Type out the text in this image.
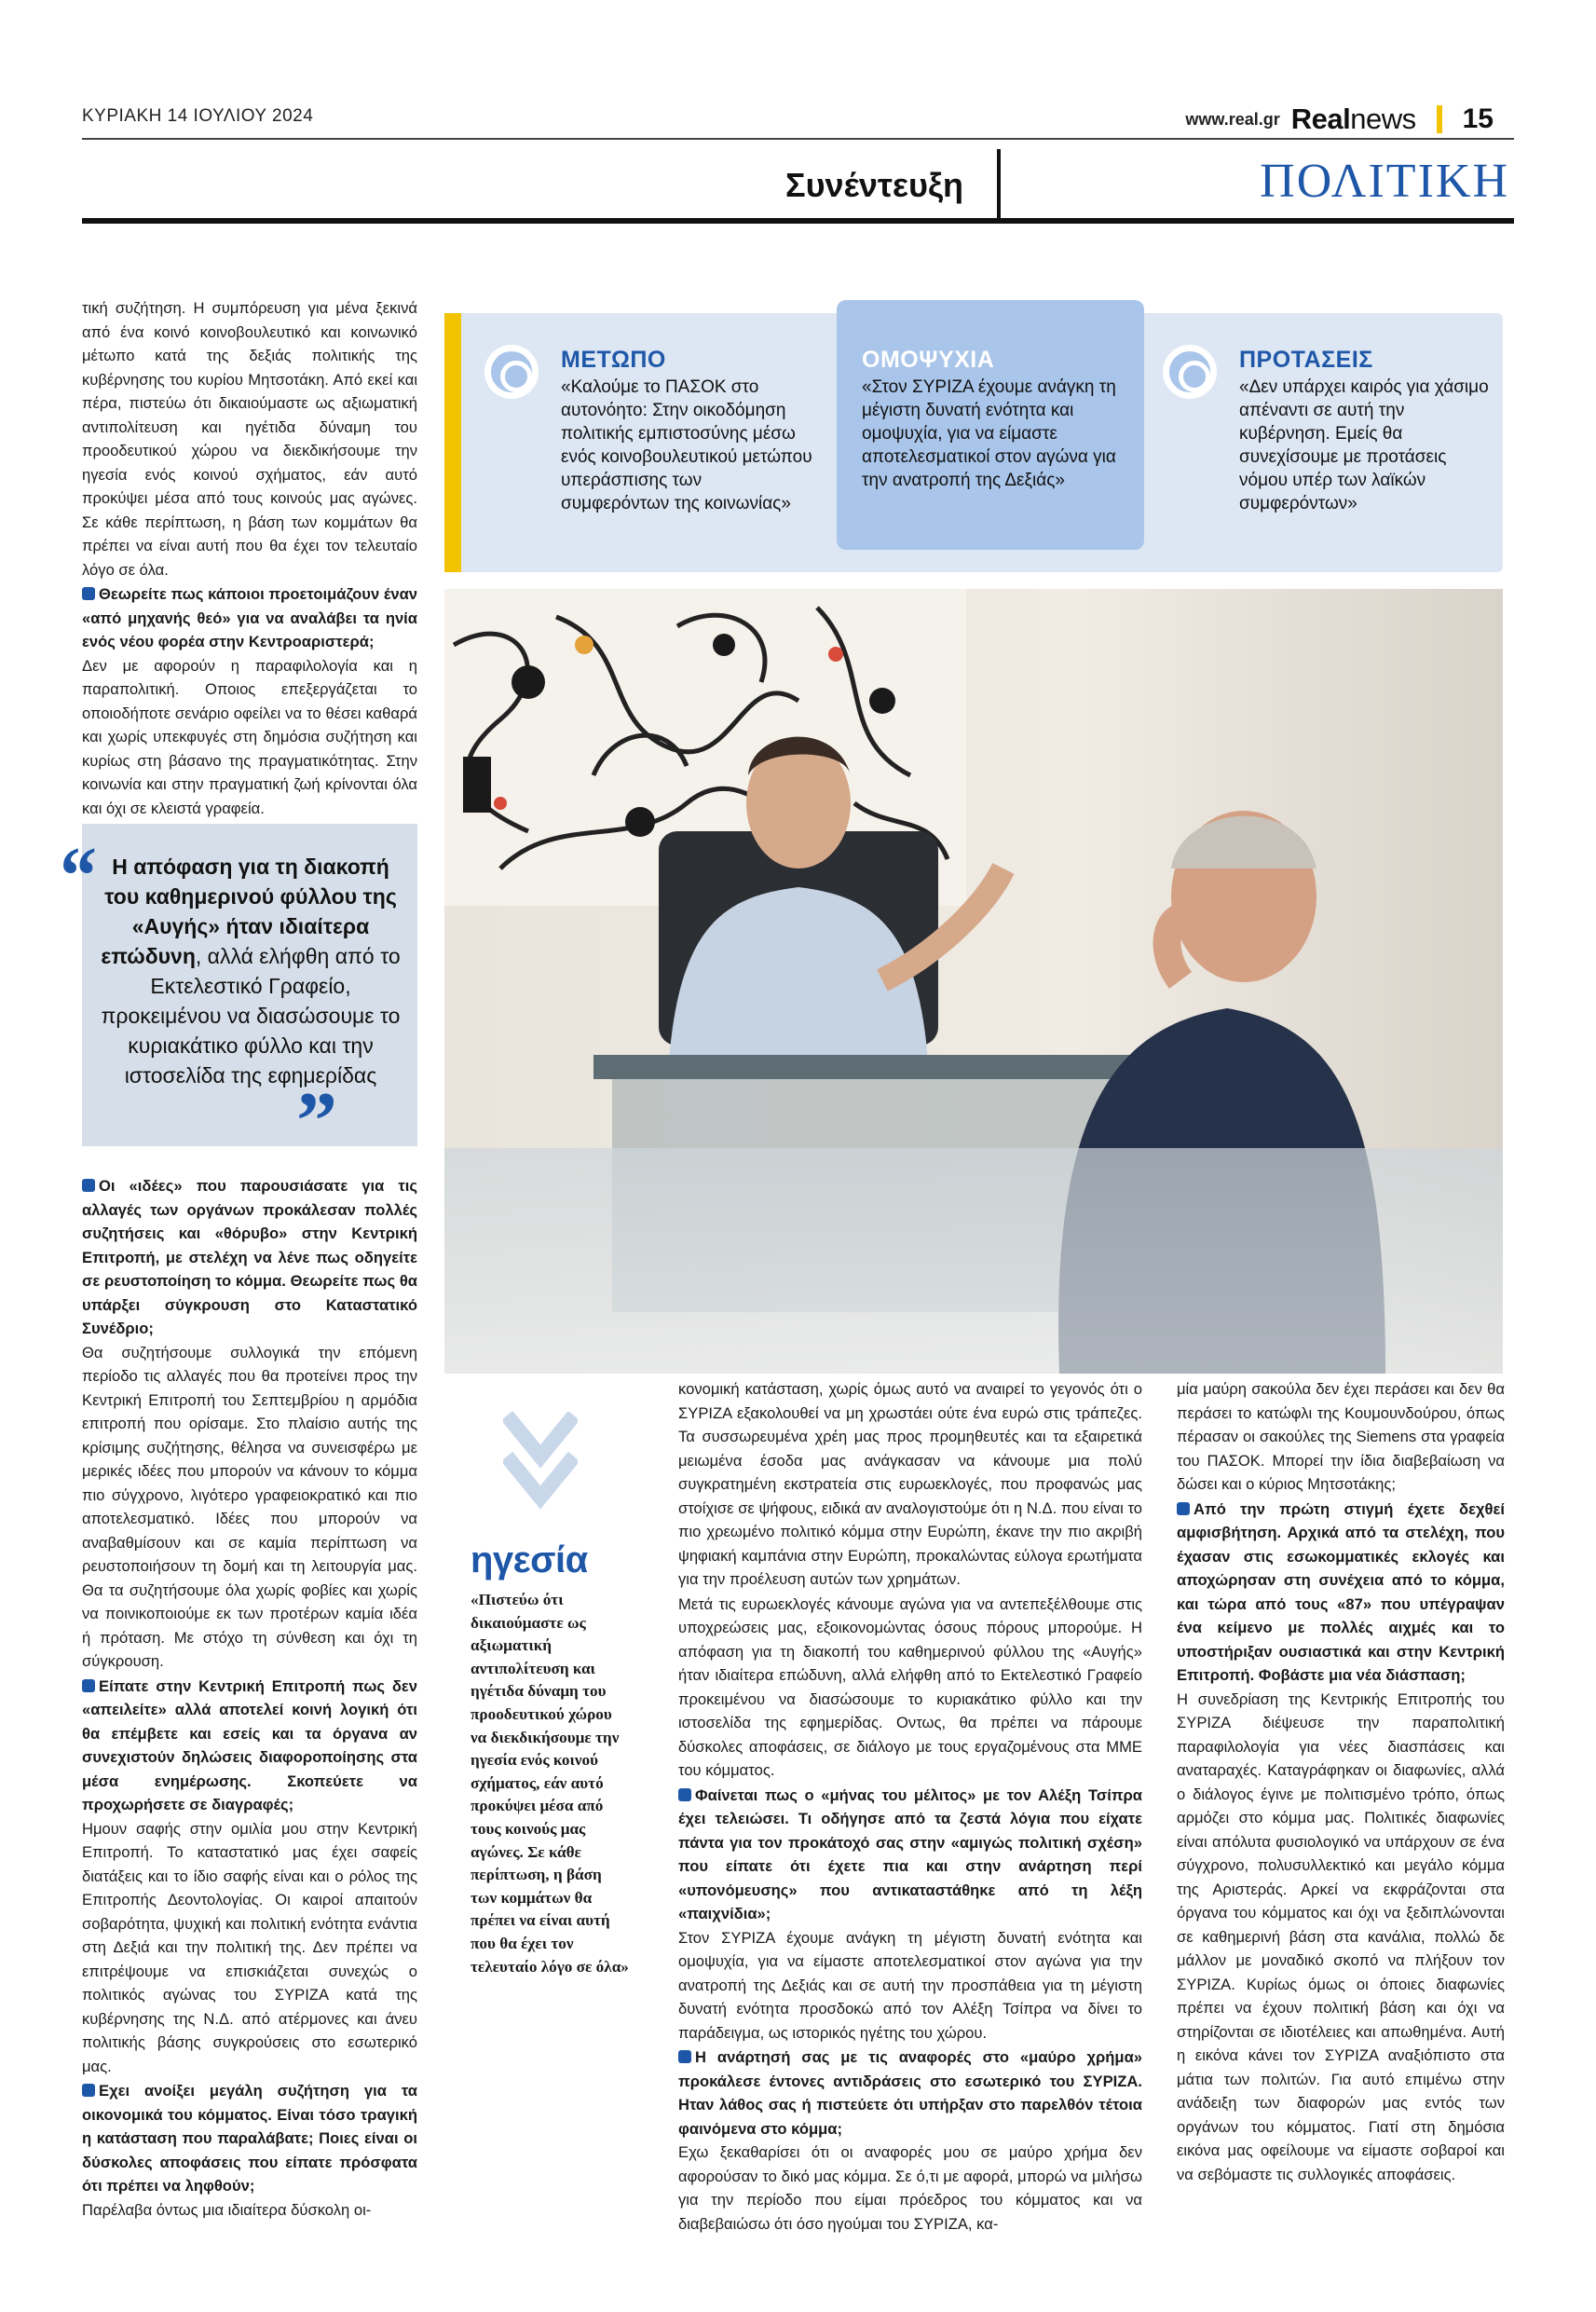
ΚΥΡΙΑΚΗ 14 ΙΟΥΛΙΟΥ 2024	www.real.gr Realnews 15
Συνέντευξη	ΠΟΛΙΤΙΚΗ

τική συζήτηση. Η συμπόρευση για μένα ξεκινά από ένα κοινό κοινοβουλευτικό και κοινωνικό μέτωπο κατά της δεξιάς πολιτικής της κυβέρνησης του κυρίου Μητσοτάκη. Από εκεί και πέρα, πιστεύω ότι δικαιούμαστε ως αξιωματική αντιπολίτευση και ηγέτιδα δύναμη του προοδευτικού χώρου να διεκδικήσουμε την ηγεσία ενός κοινού σχήματος, εάν αυτό προκύψει μέσα από τους κοινούς μας αγώνες. Σε κάθε περίπτωση, η βάση των κομμάτων θα πρέπει να είναι αυτή που θα έχει τον τελευταίο λόγο σε όλα.

Θεωρείτε πως κάποιοι προετοιμάζουν έναν «από μηχανής θεό» για να αναλάβει τα ηνία ενός νέου φορέα στην Κεντροαριστερά;

Δεν με αφορούν η παραφιλολογία και η παραπολιτική. Οποιος επεξεργάζεται το οποιοδήποτε σενάριο οφείλει να το θέσει καθαρά και χωρίς υπεκφυγές στη δημόσια συζήτηση και κυρίως στη βάσανο της πραγματικότητας. Στην κοινωνία και στην πραγματική ζωή κρίνονται όλα και όχι σε κλειστά γραφεία.

“ Η απόφαση για τη διακοπή του καθημερινού φύλλου της «Αυγής» ήταν ιδιαίτερα επώδυνη, αλλά ελήφθη από το Εκτελεστικό Γραφείο, προκειμένου να διασώσουμε το κυριακάτικο φύλλο και την ιστοσελίδα της εφημερίδας
”

Οι «ιδέες» που παρουσιάσατε για τις αλλαγές των οργάνων προκάλεσαν πολλές συζητήσεις και «θόρυβο» στην Κεντρική Επιτροπή, με στελέχη να λένε πως οδηγείτε σε ρευστοποίηση το κόμμα. Θεωρείτε πως θα υπάρξει σύγκρουση στο Καταστατικό Συνέδριο;

Θα συζητήσουμε συλλογικά την επόμενη περίοδο τις αλλαγές που θα προτείνει προς την Κεντρική Επιτροπή του Σεπτεμβρίου η αρμόδια επιτροπή που ορίσαμε. Στο πλαίσιο αυτής της κρίσιμης συζήτησης, θέλησα να συνεισφέρω με μερικές ιδέες που μπορούν να κάνουν το κόμμα πιο σύγχρονο, λιγότερο γραφειοκρατικό και πιο αποτελεσματικό. Ιδέες που μπορούν να αναβαθμίσουν και σε καμία περίπτωση να ρευστοποιήσουν τη δομή και τη λειτουργία μας. Θα τα συζητήσουμε όλα χωρίς φοβίες και χωρίς να ποινικοποιούμε εκ των προτέρων καμία ιδέα ή πρόταση. Με στόχο τη σύνθεση και όχι τη σύγκρουση.

Είπατε στην Κεντρική Επιτροπή πως δεν «απειλείτε» αλλά αποτελεί κοινή λογική ότι θα επέμβετε και εσείς και τα όργανα αν συνεχιστούν δηλώσεις διαφοροποίησης στα μέσα ενημέρωσης. Σκοπεύετε να προχωρήσετε σε διαγραφές;

Ημουν σαφής στην ομιλία μου στην Κεντρική Επιτροπή. Το καταστατικό μας έχει σαφείς διατάξεις και το ίδιο σαφής είναι και ο ρόλος της Επιτροπής Δεοντολογίας. Οι καιροί απαιτούν σοβαρότητα, ψυχική και πολιτική ενότητα ενάντια στη Δεξιά και την πολιτική της. Δεν πρέπει να επιτρέψουμε να επισκιάζεται συνεχώς ο πολιτικός αγώνας του ΣΥΡΙΖΑ κατά της κυβέρνησης της Ν.Δ. από ατέρμονες και άνευ πολιτικής βάσης συγκρούσεις στο εσωτερικό μας.

Εχει ανοίξει μεγάλη συζήτηση για τα οικονομικά του κόμματος. Είναι τόσο τραγική η κατάσταση που παραλάβατε; Ποιες είναι οι δύσκολες αποφάσεις που είπατε πρόσφατα ότι πρέπει να ληφθούν;

Παρέλαβα όντως μια ιδιαίτερα δύσκολη οι-

ΜΕΤΩΠΟ
«Καλούμε το ΠΑΣΟΚ στο αυτονόητο: Στην οικοδόμηση πολιτικής εμπιστοσύνης μέσω ενός κοινοβουλευτικού μετώπου υπεράσπισης των συμφερόντων της κοινωνίας»
ΟΜΟΨΥΧΙΑ
«Στον ΣΥΡΙΖΑ έχουμε ανάγκη τη μέγιστη δυνατή ενότητα και ομοψυχία, για να είμαστε αποτελεσματικοί στον αγώνα για την ανατροπή της Δεξιάς»
ΠΡΟΤΑΣΕΙΣ
«Δεν υπάρχει καιρός για χάσιμο απέναντι σε αυτή την κυβέρνηση. Εμείς θα συνεχίσουμε με προτάσεις νόμου υπέρ των λαϊκών συμφερόντων»
ηγεσία
«Πιστεύω ότι δικαιούμαστε ως αξιωματική αντιπολίτευση και ηγέτιδα δύναμη του προοδευτικού χώρου να διεκδικήσουμε την ηγεσία ενός κοινού σχήματος, εάν αυτό προκύψει μέσα από τους κοινούς μας αγώνες. Σε κάθε περίπτωση, η βάση των κομμάτων θα πρέπει να είναι αυτή που θα έχει τον τελευταίο λόγο σε όλα»

κονομική κατάσταση, χωρίς όμως αυτό να αναιρεί το γεγονός ότι ο ΣΥΡΙΖΑ εξακολουθεί να μη χρωστάει ούτε ένα ευρώ στις τράπεζες. Τα συσσωρευμένα χρέη μας προς προμηθευτές και τα εξαιρετικά μειωμένα έσοδα μας ανάγκασαν να κάνουμε μια πολύ συγκρατημένη εκστρατεία στις ευρωεκλογές, που προφανώς μας στοίχισε σε ψήφους, ειδικά αν αναλογιστούμε ότι η Ν.Δ. που είναι το πιο χρεωμένο πολιτικό κόμμα στην Ευρώπη, έκανε την πιο ακριβή ψηφιακή καμπάνια στην Ευρώπη, προκαλώντας εύλογα ερωτήματα για την προέλευση αυτών των χρημάτων.

Μετά τις ευρωεκλογές κάνουμε αγώνα για να αντεπεξέλθουμε στις υποχρεώσεις μας, εξοικονομώντας όσους πόρους μπορούμε. Η απόφαση για τη διακοπή του καθημερινού φύλλου της «Αυγής» ήταν ιδιαίτερα επώδυνη, αλλά ελήφθη από το Εκτελεστικό Γραφείο προκειμένου να διασώσουμε το κυριακάτικο φύλλο και την ιστοσελίδα της εφημερίδας. Οντως, θα πρέπει να πάρουμε δύσκολες αποφάσεις, σε διάλογο με τους εργαζομένους στα ΜΜΕ του κόμματος.

Φαίνεται πως ο «μήνας του μέλιτος» με τον Αλέξη Τσίπρα έχει τελειώσει. Τι οδήγησε από τα ζεστά λόγια που είχατε πάντα για τον προκάτοχό σας στην «αμιγώς πολιτική σχέση» που είπατε ότι έχετε πια και στην ανάρτηση περί «υπονόμευσης» που αντικαταστάθηκε από τη λέξη «παιχνίδια»;

Στον ΣΥΡΙΖΑ έχουμε ανάγκη τη μέγιστη δυνατή ενότητα και ομοψυχία, για να είμαστε αποτελεσματικοί στον αγώνα για την ανατροπή της Δεξιάς και σε αυτή την προσπάθεια για τη μέγιστη δυνατή ενότητα προσδοκώ από τον Αλέξη Τσίπρα να δίνει το παράδειγμα, ως ιστορικός ηγέτης του χώρου.

Η ανάρτησή σας με τις αναφορές στο «μαύρο χρήμα» προκάλεσε έντονες αντιδράσεις στο εσωτερικό του ΣΥΡΙΖΑ. Ηταν λάθος σας ή πιστεύετε ότι υπήρξαν στο παρελθόν τέτοια φαινόμενα στο κόμμα;

Εχω ξεκαθαρίσει ότι οι αναφορές μου σε μαύρο χρήμα δεν αφορούσαν το δικό μας κόμμα. Σε ό,τι με αφορά, μπορώ να μιλήσω για την περίοδο που είμαι πρόεδρος του κόμματος και να διαβεβαιώσω ότι όσο ηγούμαι του ΣΥΡΙΖΑ, κα-

μία μαύρη σακούλα δεν έχει περάσει και δεν θα περάσει το κατώφλι της Κουμουνδούρου, όπως πέρασαν οι σακούλες της Siemens στα γραφεία του ΠΑΣΟΚ. Μπορεί την ίδια διαβεβαίωση να δώσει και ο κύριος Μητσοτάκης;

Από την πρώτη στιγμή έχετε δεχθεί αμφισβήτηση. Αρχικά από τα στελέχη, που έχασαν στις εσωκομματικές εκλογές και αποχώρησαν στη συνέχεια από το κόμμα, και τώρα από τους «87» που υπέγραψαν ένα κείμενο με πολλές αιχμές και το υποστήριξαν ουσιαστικά και στην Κεντρική Επιτροπή. Φοβάστε μια νέα διάσπαση;

Η συνεδρίαση της Κεντρικής Επιτροπής του ΣΥΡΙΖΑ διέψευσε την παραπολιτική παραφιλολογία για νέες διασπάσεις και αναταραχές. Καταγράφηκαν οι διαφωνίες, αλλά ο διάλογος έγινε με πολιτισμένο τρόπο, όπως αρμόζει στο κόμμα μας. Πολιτικές διαφωνίες είναι απόλυτα φυσιολογικό να υπάρχουν σε ένα σύγχρονο, πολυσυλλεκτικό και μεγάλο κόμμα της Αριστεράς. Αρκεί να εκφράζονται στα όργανα του κόμματος και όχι να ξεδιπλώνονται σε καθημερινή βάση στα κανάλια, πολλώ δε μάλλον με μοναδικό σκοπό να πλήξουν τον ΣΥΡΙΖΑ. Κυρίως όμως οι όποιες διαφωνίες πρέπει να έχουν πολιτική βάση και όχι να στηρίζονται σε ιδιοτέλειες και απωθημένα. Αυτή η εικόνα κάνει τον ΣΥΡΙΖΑ αναξιόπιστο στα μάτια των πολιτών. Για αυτό επιμένω στην ανάδειξη των διαφορών μας εντός των οργάνων του κόμματος. Γιατί στη δημόσια εικόνα μας οφείλουμε να είμαστε σοβαροί και να σεβόμαστε τις συλλογικές αποφάσεις.
